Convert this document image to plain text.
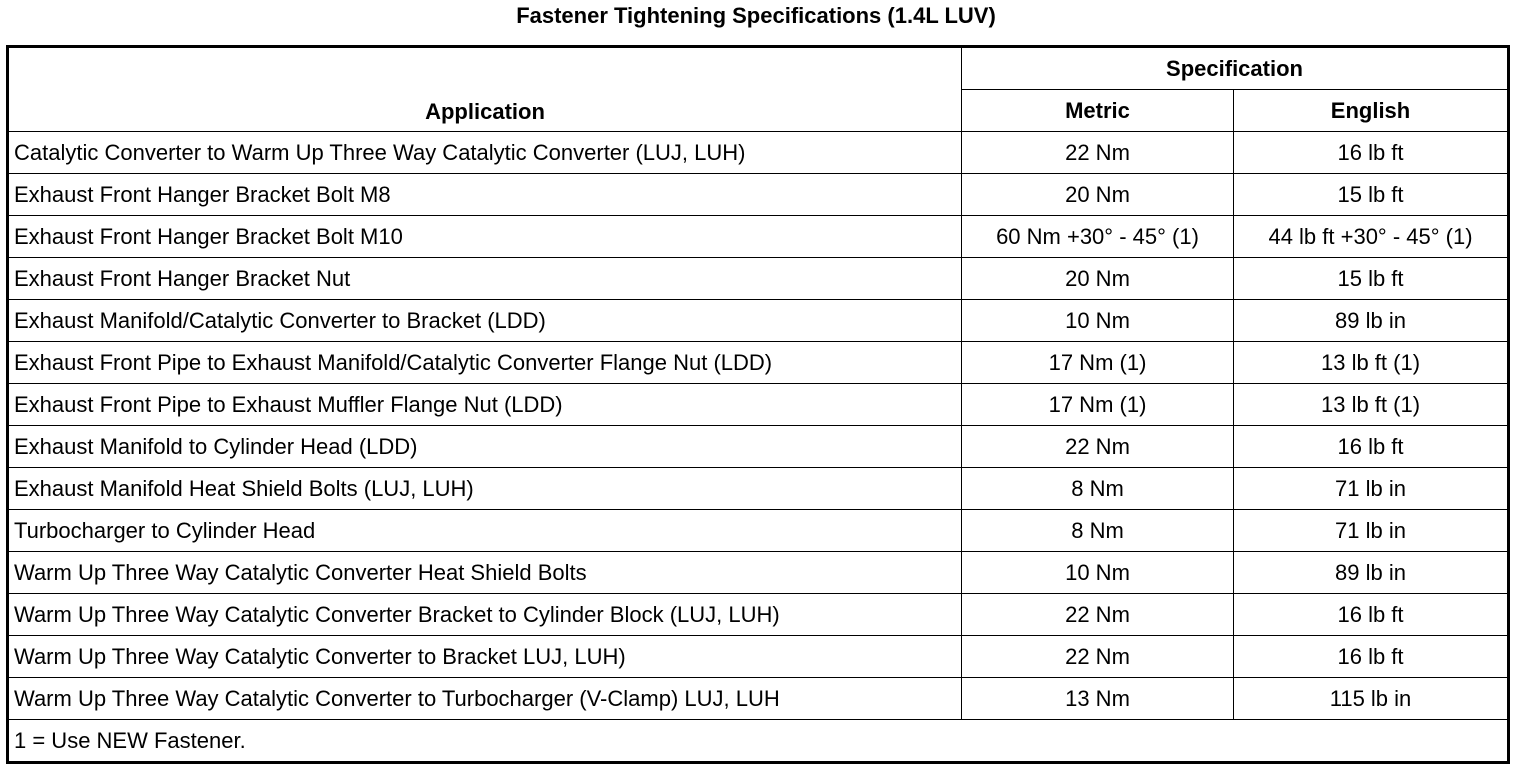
Fastener Tightening Specifications (1.4L LUV)
Application	Specification	
	Metric	English
Catalytic Converter to Warm Up Three Way Catalytic Converter (LUJ, LUH)	22 Nm	16 lb ft
Exhaust Front Hanger Bracket Bolt M8	20 Nm	15 lb ft
Exhaust Front Hanger Bracket Bolt M10	60 Nm +30° - 45° (1)	44 lb ft +30° - 45° (1)
Exhaust Front Hanger Bracket Nut	20 Nm	15 lb ft
Exhaust Manifold/Catalytic Converter to Bracket (LDD)	10 Nm	89 lb in
Exhaust Front Pipe to Exhaust Manifold/Catalytic Converter Flange Nut (LDD)	17 Nm (1)	13 lb ft (1)
Exhaust Front Pipe to Exhaust Muffler Flange Nut (LDD)	17 Nm (1)	13 lb ft (1)
Exhaust Manifold to Cylinder Head (LDD)	22 Nm	16 lb ft
Exhaust Manifold Heat Shield Bolts (LUJ, LUH)	8 Nm	71 lb in
Turbocharger to Cylinder Head	8 Nm	71 lb in
Warm Up Three Way Catalytic Converter Heat Shield Bolts	10 Nm	89 lb in
Warm Up Three Way Catalytic Converter Bracket to Cylinder Block (LUJ, LUH)	22 Nm	16 lb ft
Warm Up Three Way Catalytic Converter to Bracket LUJ, LUH)	22 Nm	16 lb ft
Warm Up Three Way Catalytic Converter to Turbocharger (V-Clamp) LUJ, LUH	13 Nm	115 lb in
1 = Use NEW Fastener.		
